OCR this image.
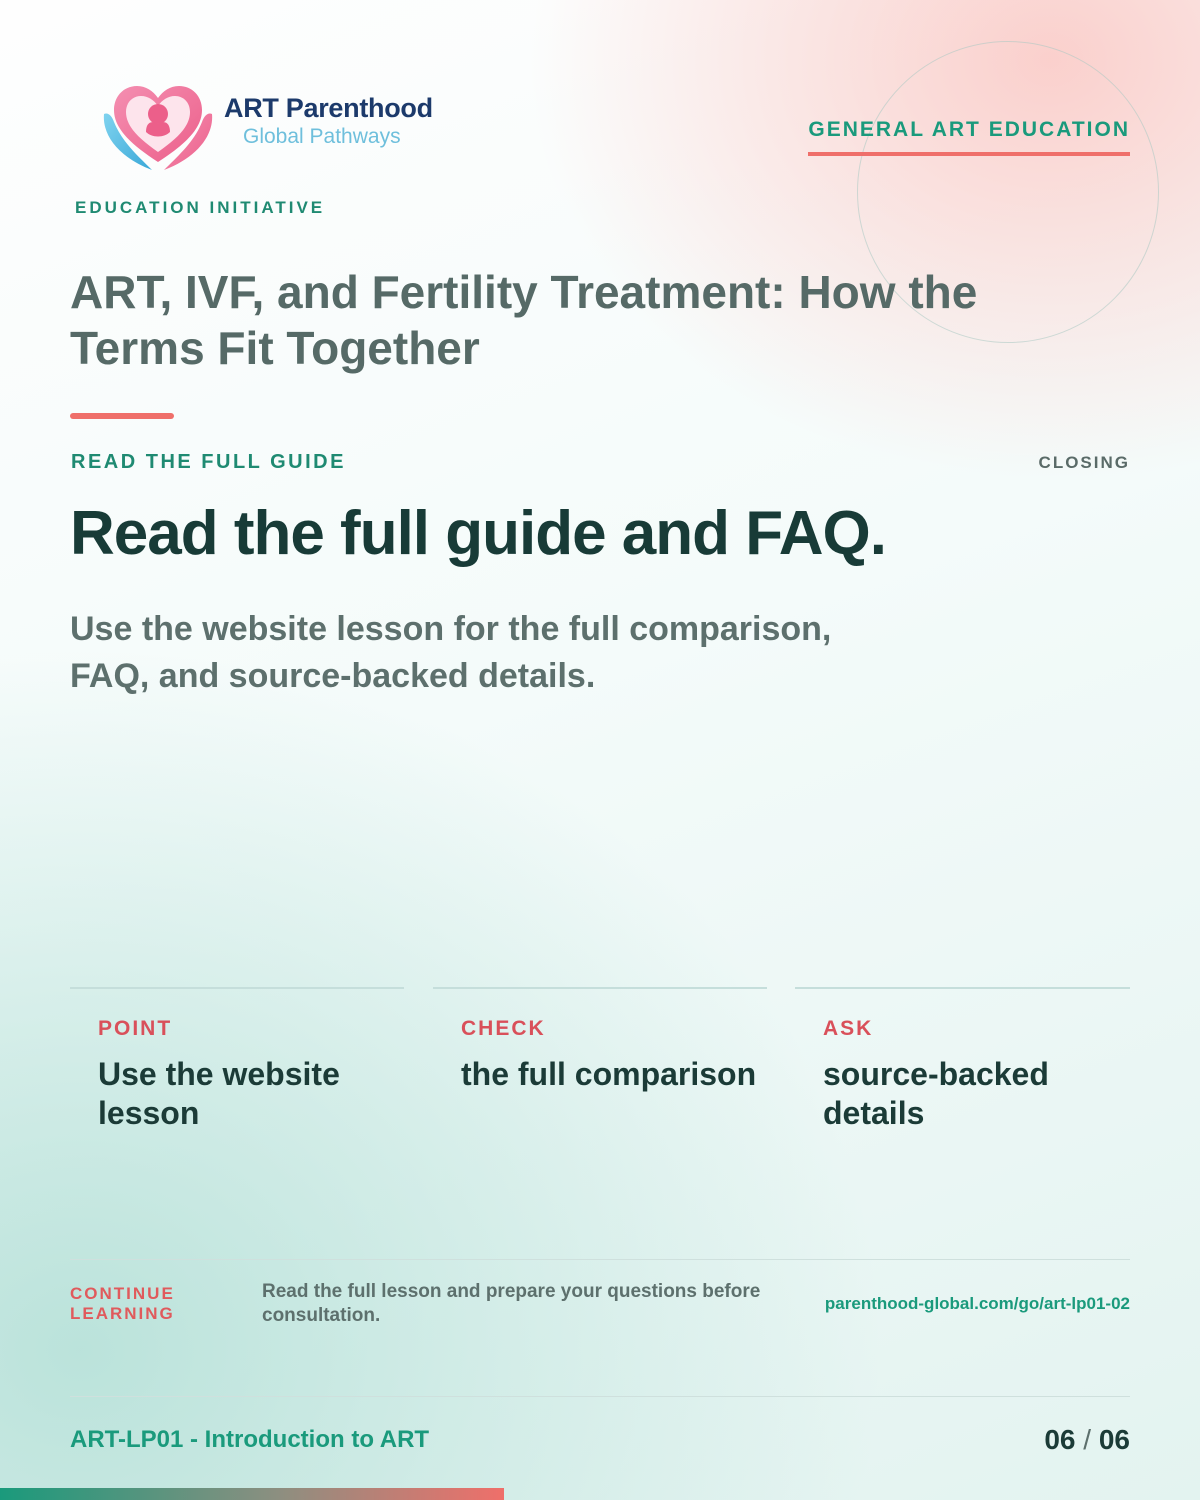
ART Parenthood
Global Pathways	GENERAL ART EDUCATION
EDUCATION INITIATIVE
ART, IVF, and Fertility Treatment: How the Terms Fit Together
READ THE FULL GUIDE	CLOSING
Read the full guide and FAQ.
Use the website lesson for the full comparison, FAQ, and source-backed details.
POINT
Use the website lesson
CHECK
the full comparison
ASK
source-backed details
CONTINUE LEARNING
Read the full lesson and prepare your questions before consultation.
parenthood-global.com/go/art-lp01-02
ART-LP01 - Introduction to ART	06 / 06
